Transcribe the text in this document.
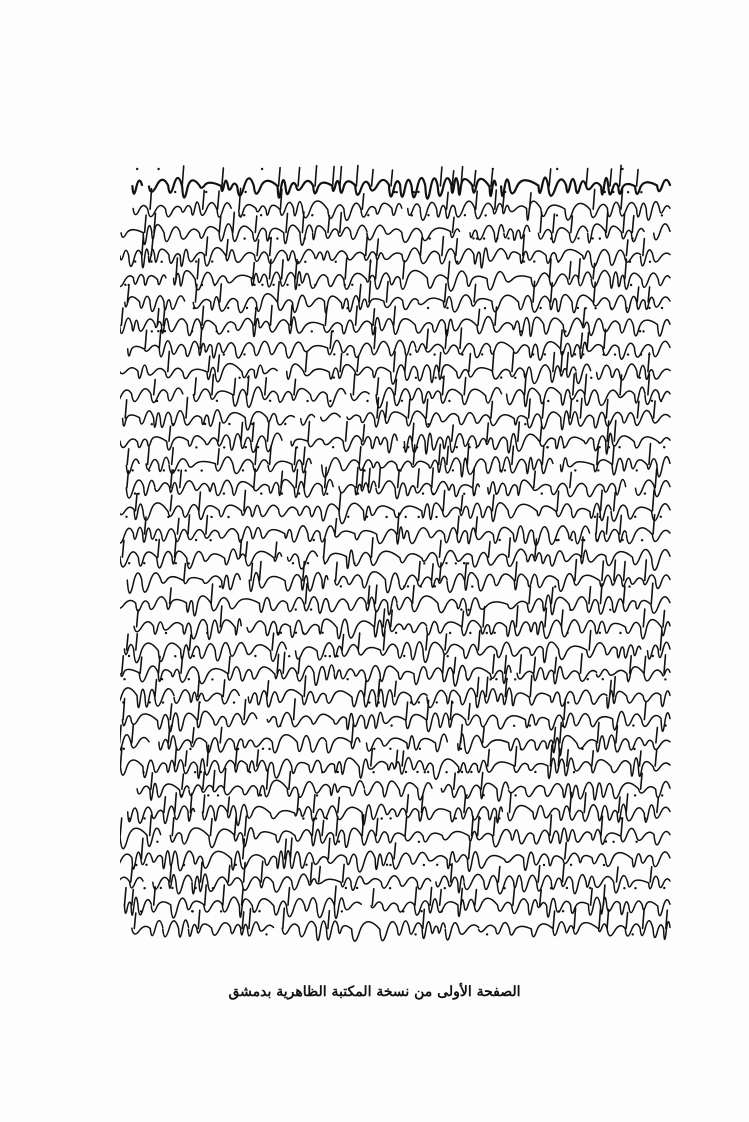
الصفحة الأولى من نسخة المكتبة الظاهرية بدمشق
